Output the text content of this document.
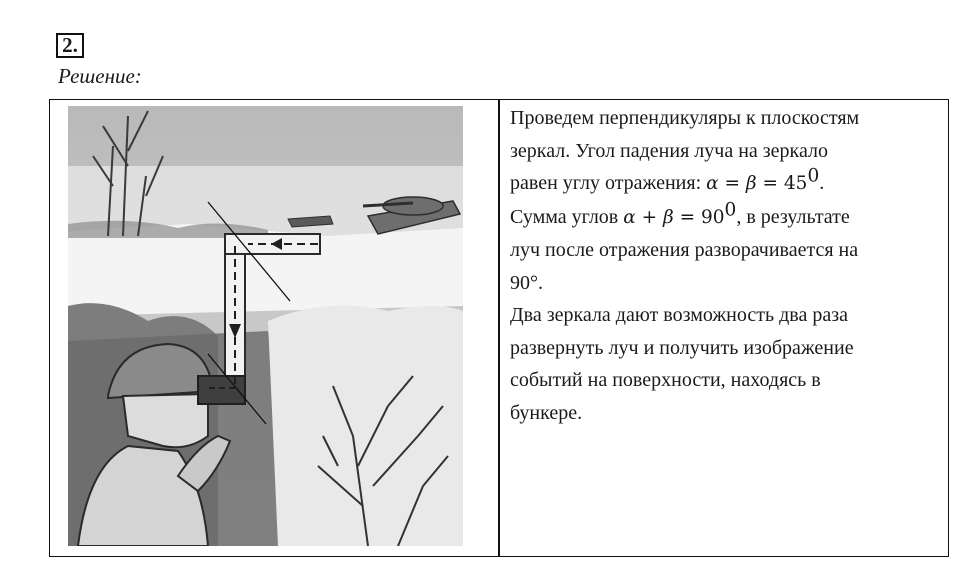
2.
Решение:

Проведем перпендикуляры к плоскостям
зеркал. Угол падения луча на зеркало
равен углу отражения: $\alpha = \beta = 45^0$.
Сумма углов $\alpha + \beta = 90^0$, в результате
луч после отражения разворачивается на
90°.

Два зеркала дают возможность два раза
развернуть луч и получить изображение
событий на поверхности, находясь в
бункере.
